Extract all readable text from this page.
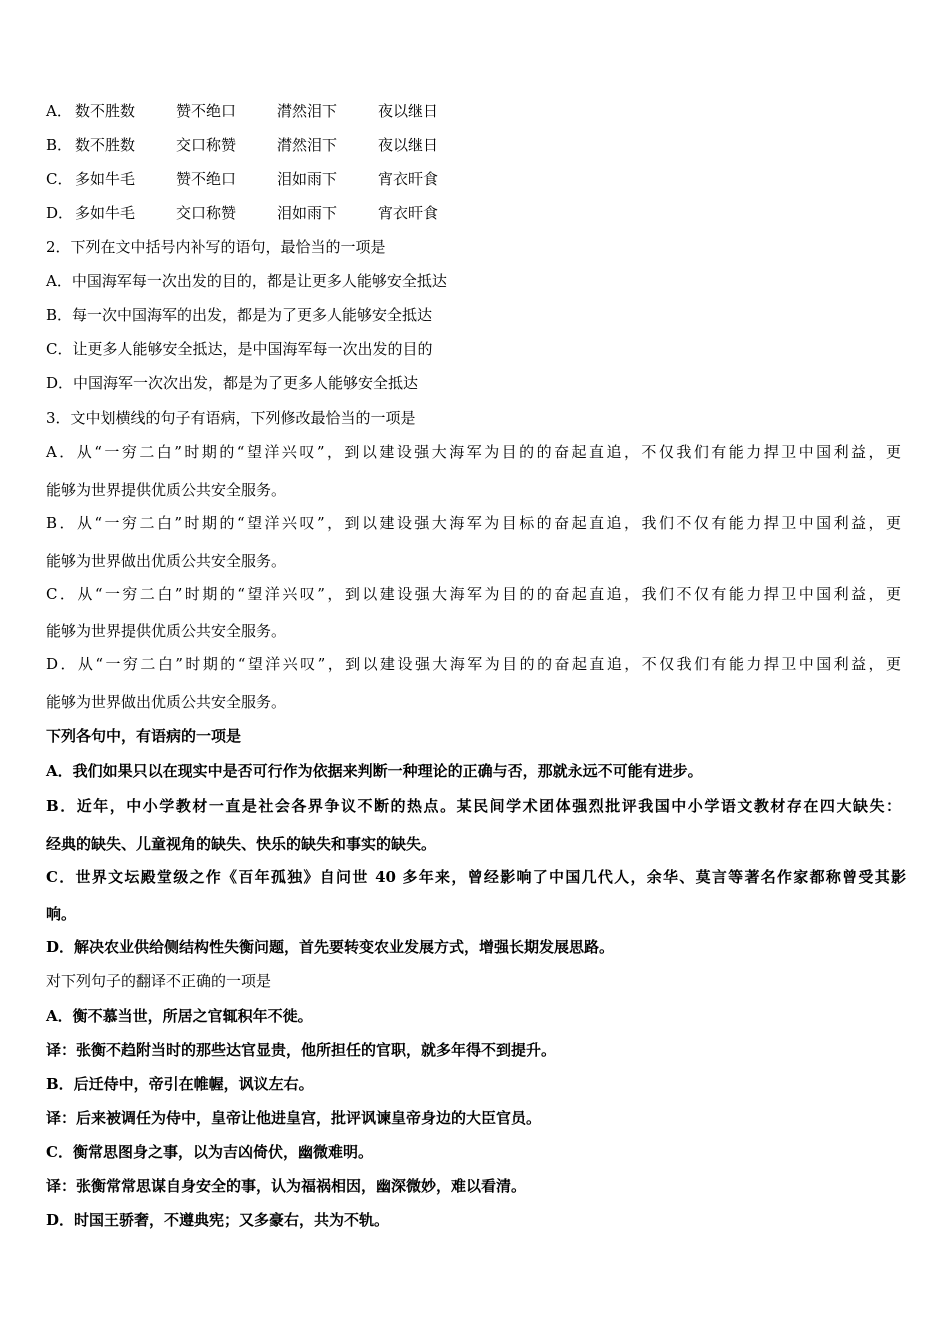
A． 数不胜数	赞不绝口	潸然泪下	夜以继日
B． 数不胜数	交口称赞	潸然泪下	夜以继日
C． 多如牛毛	赞不绝口	泪如雨下	宵衣旰食
D． 多如牛毛	交口称赞	泪如雨下	宵衣旰食
2．下列在文中括号内补写的语句，最恰当的一项是
A．中国海军每一次出发的目的，都是让更多人能够安全抵达
B．每一次中国海军的出发，都是为了更多人能够安全抵达
C．让更多人能够安全抵达，是中国海军每一次出发的目的
D．中国海军一次次出发，都是为了更多人能够安全抵达
3．文中划横线的句子有语病，下列修改最恰当的一项是
A．从“一穷二白”时期的“望洋兴叹”，到以建设强大海军为目的的奋起直追，不仅我们有能力捍卫中国利益，更
能够为世界提供优质公共安全服务。
B．从“一穷二白”时期的“望洋兴叹”，到以建设强大海军为目标的奋起直追，我们不仅有能力捍卫中国利益，更
能够为世界做出优质公共安全服务。
C．从“一穷二白”时期的“望洋兴叹”，到以建设强大海军为目的的奋起直追，我们不仅有能力捍卫中国利益，更
能够为世界提供优质公共安全服务。
D．从“一穷二白”时期的“望洋兴叹”，到以建设强大海军为目的的奋起直追，不仅我们有能力捍卫中国利益，更
能够为世界做出优质公共安全服务。
下列各句中，有语病的一项是
A．我们如果只以在现实中是否可行作为依据来判断一种理论的正确与否，那就永远不可能有进步。
B．近年，中小学教材一直是社会各界争议不断的热点。某民间学术团体强烈批评我国中小学语文教材存在四大缺失：
经典的缺失、儿童视角的缺失、快乐的缺失和事实的缺失。
C．世界文坛殿堂级之作《百年孤独》自问世 40 多年来，曾经影响了中国几代人，余华、莫言等著名作家都称曾受其影
响。
D．解决农业供给侧结构性失衡问题，首先要转变农业发展方式，增强长期发展思路。
对下列句子的翻译不正确的一项是
A．衡不慕当世，所居之官辄积年不徙。
译：张衡不趋附当时的那些达官显贵，他所担任的官职，就多年得不到提升。
B．后迁侍中，帝引在帷幄，讽议左右。
译：后来被调任为侍中，皇帝让他进皇宫，批评讽谏皇帝身边的大臣官员。
C．衡常思图身之事，以为吉凶倚伏，幽微难明。
译：张衡常常思谋自身安全的事，认为福祸相因，幽深微妙，难以看清。
D．时国王骄奢，不遵典宪；又多豪右，共为不轨。
